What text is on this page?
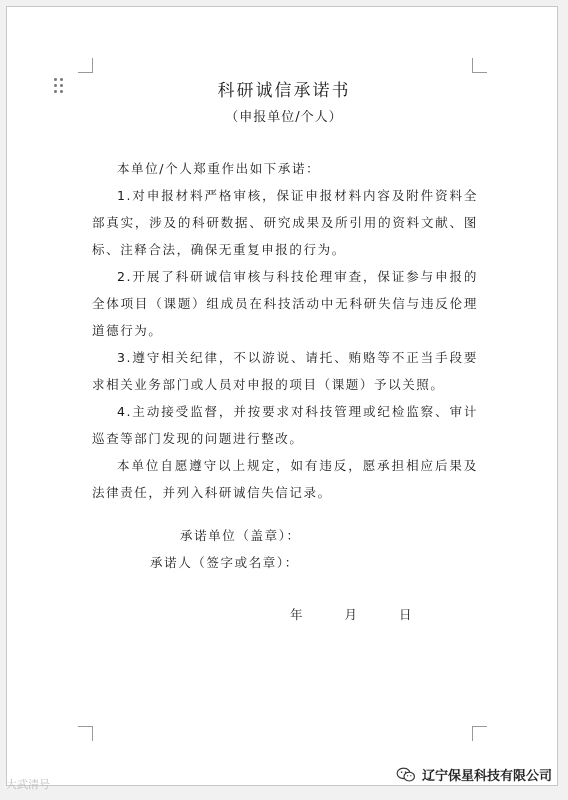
科研诚信承诺书
（申报单位/个人）

本单位/个人郑重作出如下承诺：

1.对申报材料严格审核，保证申报材料内容及附件资料全部真实，涉及的科研数据、研究成果及所引用的资料文献、图标、注释合法，确保无重复申报的行为。

2.开展了科研诚信审核与科技伦理审查，保证参与申报的全体项目（课题）组成员在科技活动中无科研失信与违反伦理道德行为。

3.遵守相关纪律，不以游说、请托、贿赂等不正当手段要求相关业务部门或人员对申报的项目（课题）予以关照。

4.主动接受监督，并按要求对科技管理或纪检监察、审计巡查等部门发现的问题进行整改。

本单位自愿遵守以上规定，如有违反，愿承担相应后果及法律责任，并列入科研诚信失信记录。

承诺单位（盖章）：
承诺人（签字或名章）：
年	月	日
大武清号
辽宁保星科技有限公司
